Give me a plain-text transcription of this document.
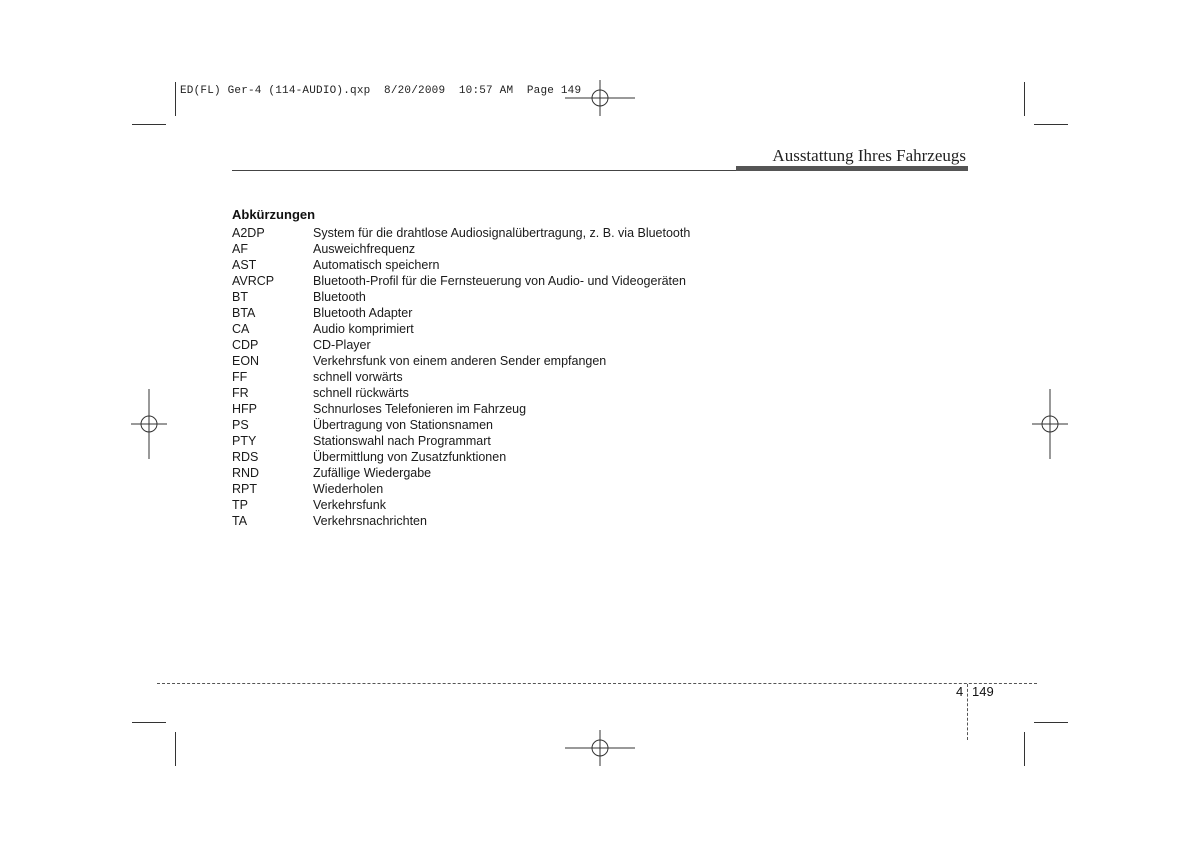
ED(FL) Ger-4 (114-AUDIO).qxp  8/20/2009  10:57 AM  Page 149
Ausstattung Ihres Fahrzeugs
Abkürzungen
A2DP	System für die drahtlose Audiosignalübertragung, z. B. via Bluetooth
AF	Ausweichfrequenz
AST	Automatisch speichern
AVRCP	Bluetooth-Profil für die Fernsteuerung von Audio- und Videogeräten
BT	Bluetooth
BTA	Bluetooth Adapter
CA	Audio komprimiert
CDP	CD-Player
EON	Verkehrsfunk von einem anderen Sender empfangen
FF	schnell vorwärts
FR	schnell rückwärts
HFP	Schnurloses Telefonieren im Fahrzeug
PS	Übertragung von Stationsnamen
PTY	Stationswahl nach Programmart
RDS	Übermittlung von Zusatzfunktionen
RND	Zufällige Wiedergabe
RPT	Wiederholen
TP	Verkehrsfunk
TA	Verkehrsnachrichten
4 149
